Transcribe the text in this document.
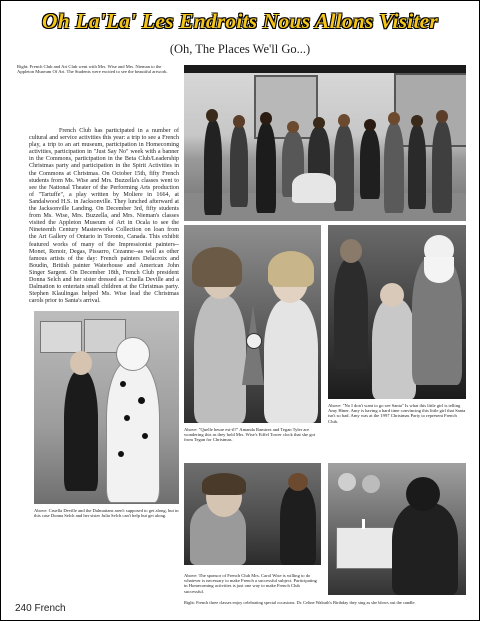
Oh La'La' Les Endroits Nous Allons Visiter
(Oh, The Places We'll Go...)
Right: French Club and Art Club went with Mrs. Wise and Mrs. Nieman to the Appleton Museum Of Art. The Students were excited to see the beautiful artwork.
French Club has participated in a number of cultural and service activities this year: a trip to see a French play, a trip to an art museum, participation in Homecoming activities, participation in "Just Say No" week with a banner in the Commons, participation in the Beta Club/Leadership Christmas party and participation in the Spirit Activities in the Commons at Christmas. On October 15th, fifty French students from Ms. Wise and Mrs. Buzzella's classes went to see the National Theater of the Performing Arts production of "Tartuffe", a play written by Moliere in 1664, at Sandalwood H.S. in Jacksonville. They lunched afterward at the Jacksonville Landing. On December 3rd, fifty students from Ms. Wise, Mrs. Buzzella, and Mrs. Nieman's classes visited the Appleton Museum of Art in Ocala to see the Nineteenth Century Masterworks Collection on loan from the Art Gallery of Ontario in Toronto, Canada. This exhibit featured works of many of the Impressionist painters--Monet, Renoir, Degas, Pissarro, Cezanne--as well as other famous artists of the day: French painters Delacroix and Boudin, British painter Waterhouse and American John Singer Sargent. On December 18th, French Club president Donna Selch and her sister dressed as Cruella Deville and a Dalmation to entertain small children at the Christmas party. Stephen Klaulingas helped Ms. Wise lead the Christmas carols prior to Santa's arrival.
Above: Cruella Deville and the Dalmatians aren't supposed to get along, but in this case Donna Selch and her sister Julia Selch can't help but get along.
Above: "Quelle heure est-il?" Amanda Ramirez and Tegan Tyler are wondering this as they hold Mrs. Wise's Eiffel Tower clock that she got from Tegan for Christmas.
Above: "No I don't want to go see Santa" Is what this little girl is telling Amy Hiner. Amy is having a hard time convincing this little girl that Santa isn't so bad. Amy was at the 1997 Christmas Party to represent French Club.
Above: The sponsor of French Club Mrs. Carol Wise is willing to do whatever is necessary to make French a successful subject. Participating in Homecoming activities is just one way to make French Club successful.
Right: French three classes enjoy celebrating special occasions. Dr. Celine Walrath's Birthday they sing as she blows out the candle.
240 French
